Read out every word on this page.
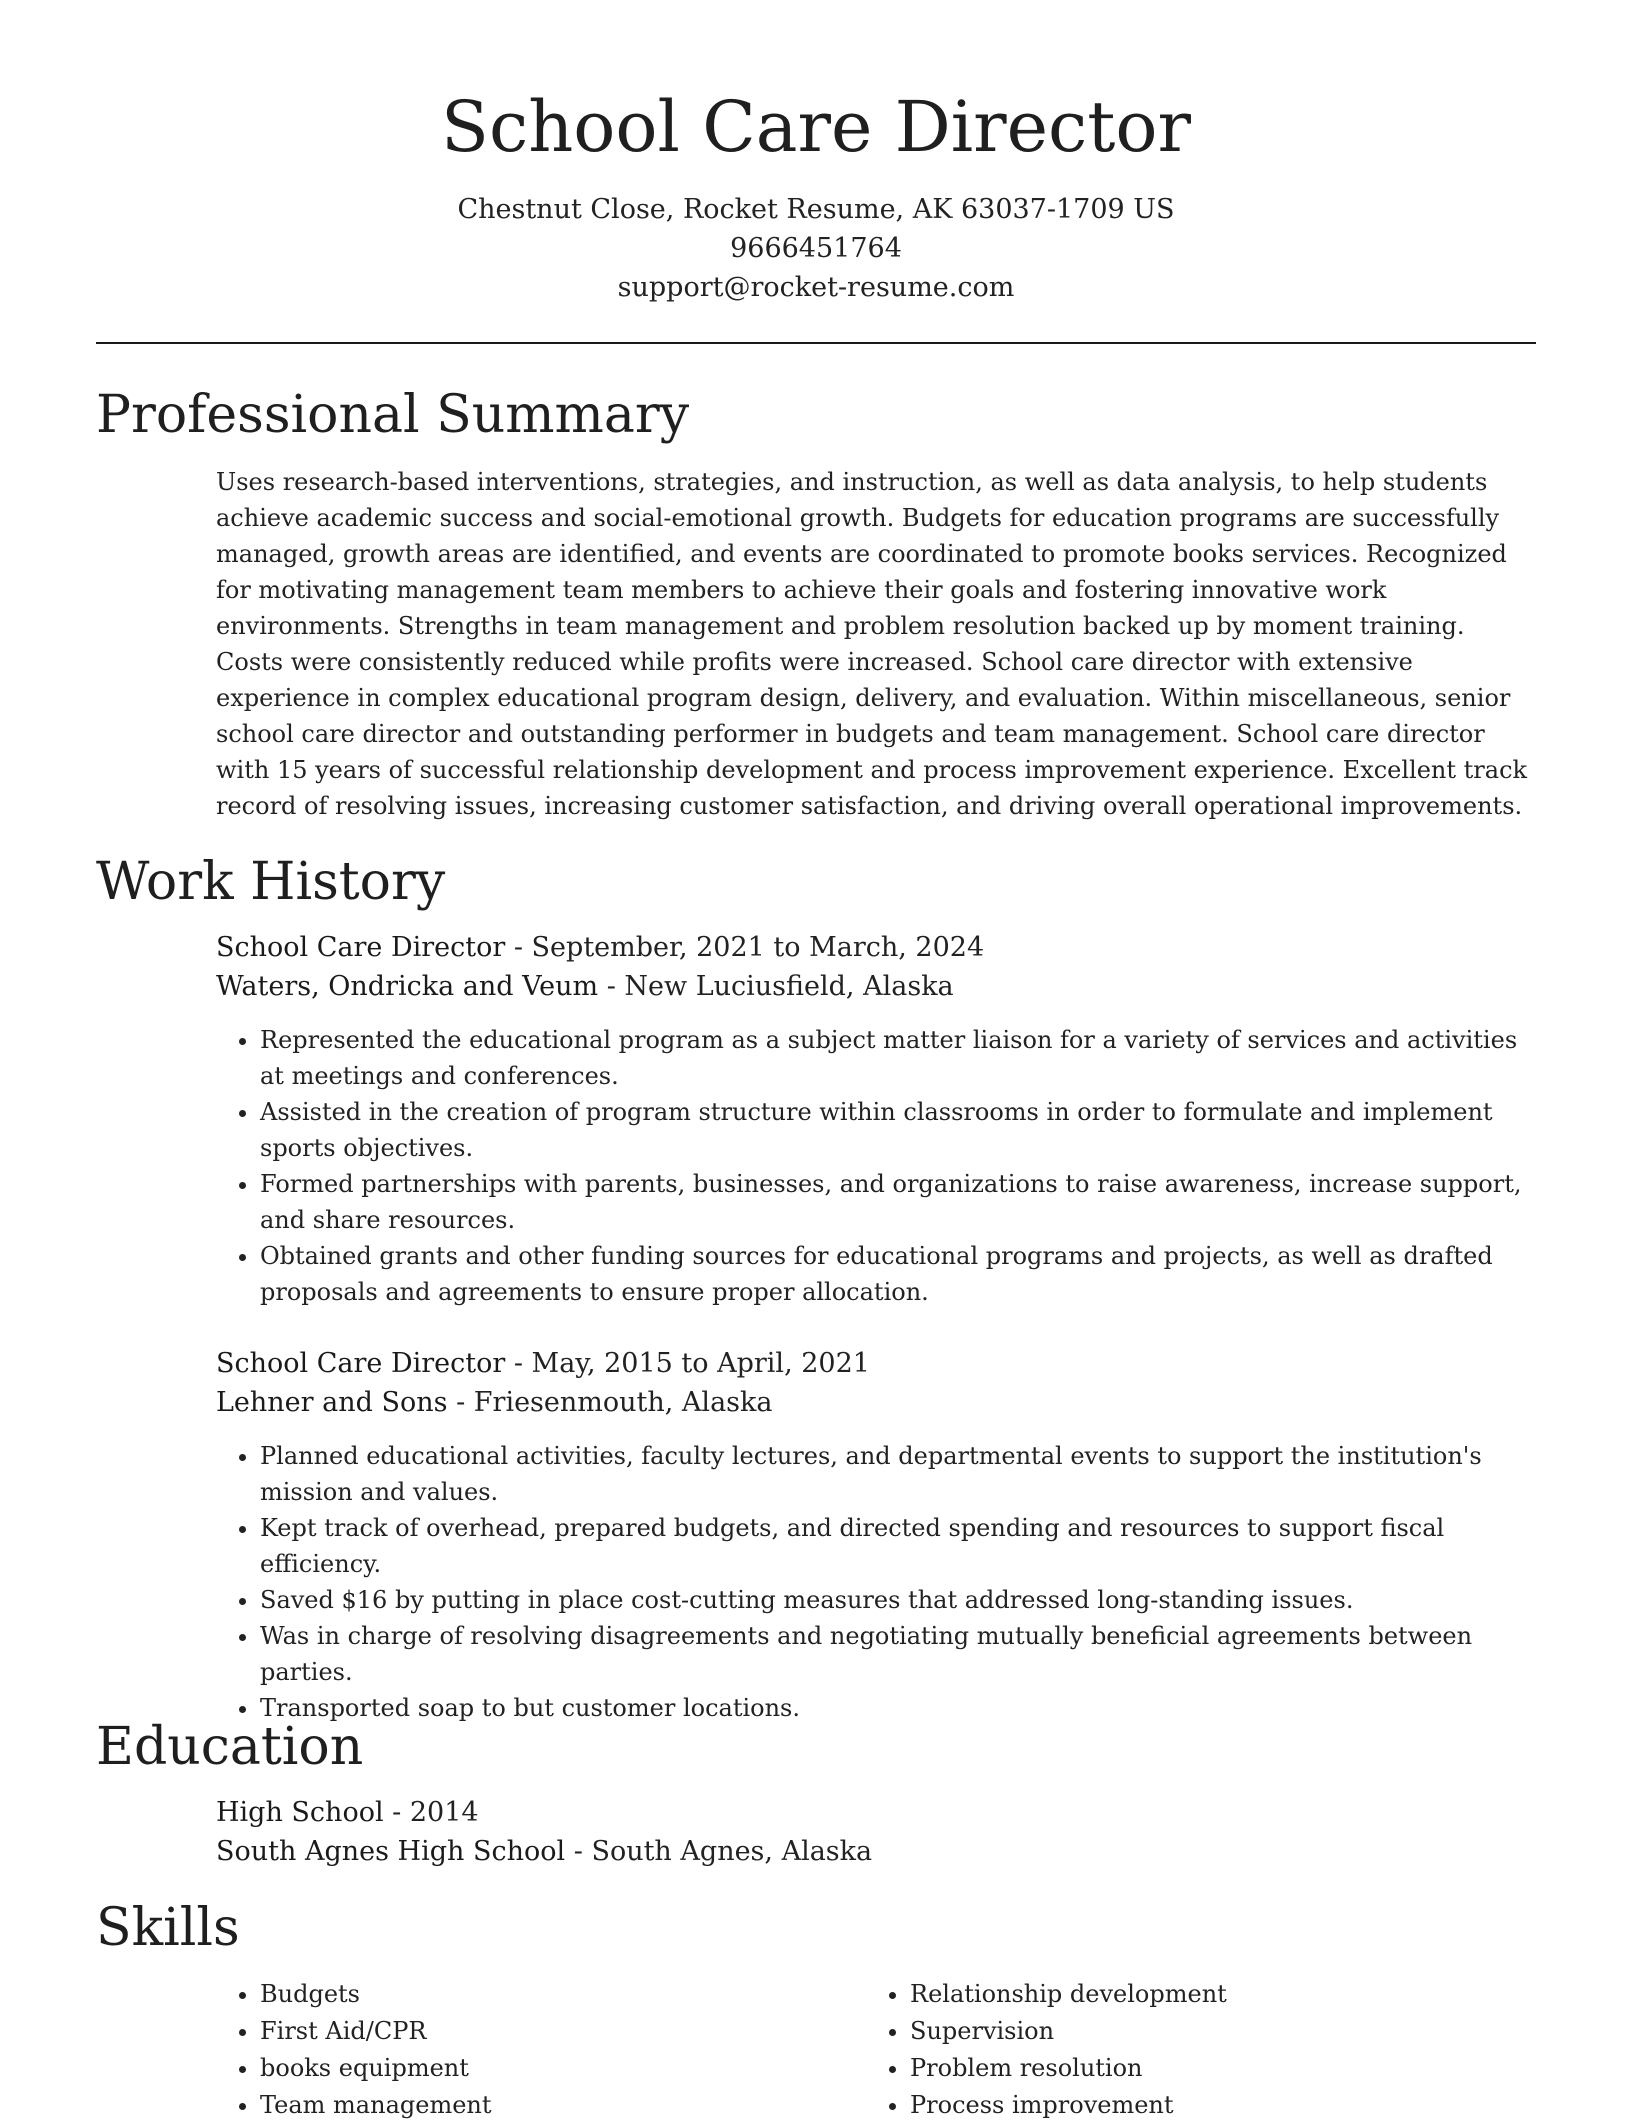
School Care Director
Chestnut Close, Rocket Resume, AK 63037-1709 US
9666451764
support@rocket-resume.com
Professional Summary

Uses research-based interventions, strategies, and instruction, as well as data analysis, to help students achieve academic success and social-emotional growth. Budgets for education programs are successfully managed, growth areas are identified, and events are coordinated to promote books services. Recognized for motivating management team members to achieve their goals and fostering innovative work environments. Strengths in team management and problem resolution backed up by moment training. Costs were consistently reduced while profits were increased. School care director with extensive experience in complex educational program design, delivery, and evaluation. Within miscellaneous, senior school care director and outstanding performer in budgets and team management. School care director with 15 years of successful relationship development and process improvement experience. Excellent track record of resolving issues, increasing customer satisfaction, and driving overall operational improvements.

Work History
School Care Director - September, 2021 to March, 2024
Waters, Ondricka and Veum - New Luciusfield, Alaska
• Represented the educational program as a subject matter liaison for a variety of services and activities at meetings and conferences.
• Assisted in the creation of program structure within classrooms in order to formulate and implement sports objectives.
• Formed partnerships with parents, businesses, and organizations to raise awareness, increase support, and share resources.
• Obtained grants and other funding sources for educational programs and projects, as well as drafted proposals and agreements to ensure proper allocation.
School Care Director - May, 2015 to April, 2021
Lehner and Sons - Friesenmouth, Alaska
• Planned educational activities, faculty lectures, and departmental events to support the institution's mission and values.
• Kept track of overhead, prepared budgets, and directed spending and resources to support fiscal efficiency.
• Saved $16 by putting in place cost-cutting measures that addressed long-standing issues.
• Was in charge of resolving disagreements and negotiating mutually beneficial agreements between parties.
• Transported soap to but customer locations.
Education
High School - 2014
South Agnes High School - South Agnes, Alaska
Skills
• Budgets
• First Aid/CPR
• books equipment
• Team management
• Relationship development
• Supervision
• Problem resolution
• Process improvement
